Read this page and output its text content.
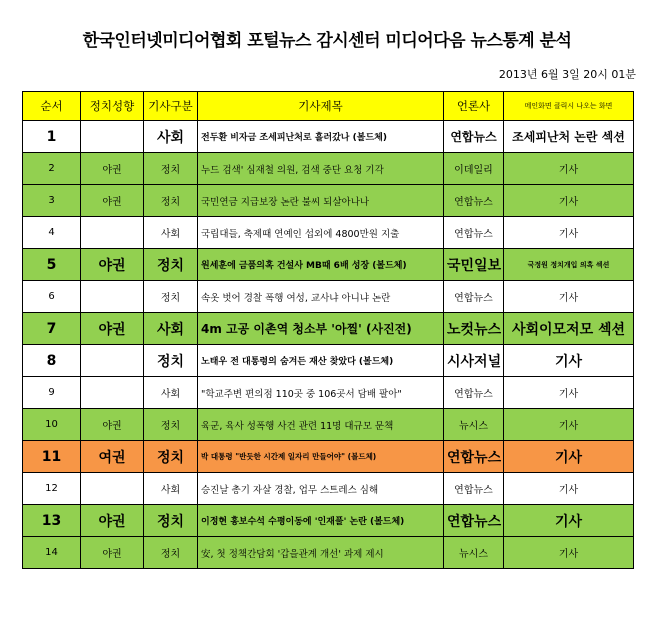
한국인터넷미디어협회 포털뉴스 감시센터 미디어다음 뉴스통계 분석
2013년 6월 3일 20시 01분
순서	정치성향	기사구분	기사제목	언론사	메인화면 클릭시 나오는 화면
1		사회	전두환 비자금 조세피난처로 흘러갔나 (볼드체)	연합뉴스	조세피난처 논란 섹션
2	야권	정치	누드 검색' 심재철 의원, 검색 중단 요청 기각	이데일리	기사
3	야권	정치	국민연금 지급보장 논란 불씨 되살아나나	연합뉴스	기사
4		사회	국립대들, 축제때 연예인 섭외에 4800만원 지출	연합뉴스	기사
5	야권	정치	원세훈에 금품의혹 건설사 MB때 6배 성장 (볼드체)	국민일보	국정원 정치개입 의혹 섹션
6		정치	속옷 벗어 경찰 폭행 여성, 교사냐 아니냐 논란	연합뉴스	기사
7	야권	사회	4m 고공 이촌역 청소부 '아찔' (사진전)	노컷뉴스	사회이모저모 섹션
8		정치	노태우 전 대통령의 숨겨든 재산 찾았다 (볼드체)	시사저널	기사
9		사회	"학교주변 편의점 110곳 중 106곳서 담배 팔아"	연합뉴스	기사
10	야권	정치	육군, 육사 성폭행 사건 관련 11명 대규모 문책	뉴시스	기사
11	여권	정치	박 대통령 "반듯한 시간제 일자리 만들어야" (볼드체)	연합뉴스	기사
12		사회	승진날 총기 자살 경찰, 업무 스트레스 심해	연합뉴스	기사
13	야권	정치	이정현 홍보수석 수평이동에 '인재풀' 논란 (볼드체)	연합뉴스	기사
14	야권	정치	安, 첫 정책간담회 '갑을관계 개선' 과제 제시	뉴시스	기사
